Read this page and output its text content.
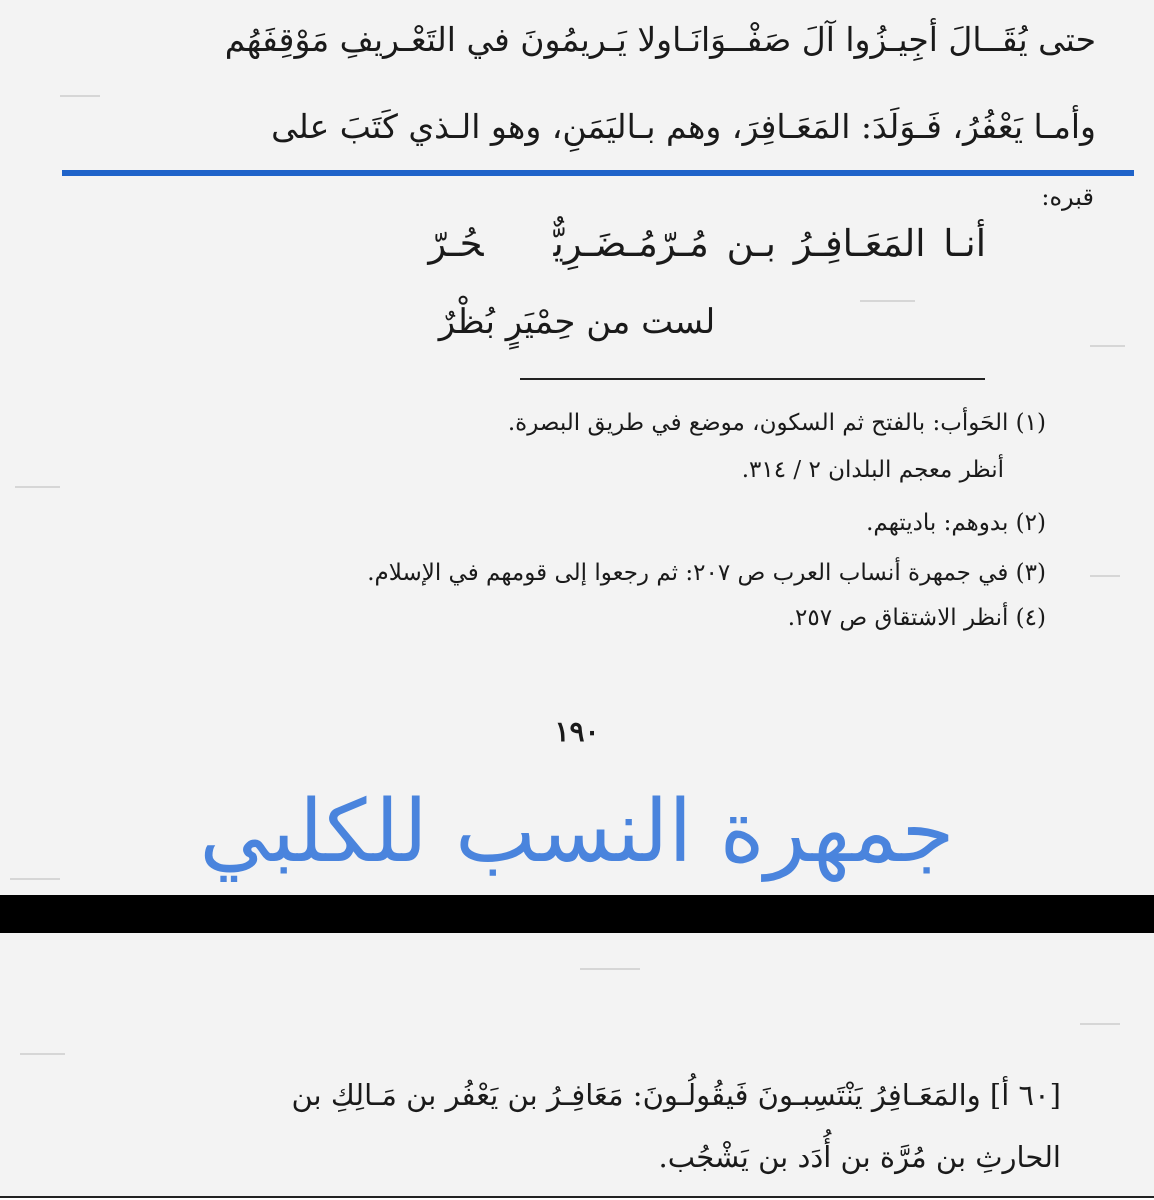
حتى يُقَــالَ أجِيـزُوا آلَ صَفْــوَانَـاولا يَـريمُونَ في التَعْـريفِ مَوْقِفَهُم
وأمـا يَعْفُرُ، فَـوَلَدَ: المَعَـافِرَ، وهم بـاليَمَنِ، وهو الـذي كَتَبَ على
قبره:
أنـا المَعَـافِـرُ بـن مُـرّمُـضَـرِيٌّحُـرّ
لست من حِمْيَرٍ بُظْرٌ
(١) الحَوأب: بالفتح ثم السكون، موضع في طريق البصرة.
أنظر معجم البلدان ٢ / ٣١٤.
(٢) بدوهم: باديتهم.
(٣) في جمهرة أنساب العرب ص ٢٠٧: ثم رجعوا إلى قومهم في الإسلام.
(٤) أنظر الاشتقاق ص ٢٥٧.
١٩٠
جمهرة النسب للكلبي
[٦٠ أ] والمَعَـافِرُ يَنْتَسِبـونَ فَيقُولُـونَ: مَعَافِـرُ بن يَعْفُر بن مَـالِكِ بن
الحارثِ بن مُرَّة بن أُدَد بن يَشْجُب.
